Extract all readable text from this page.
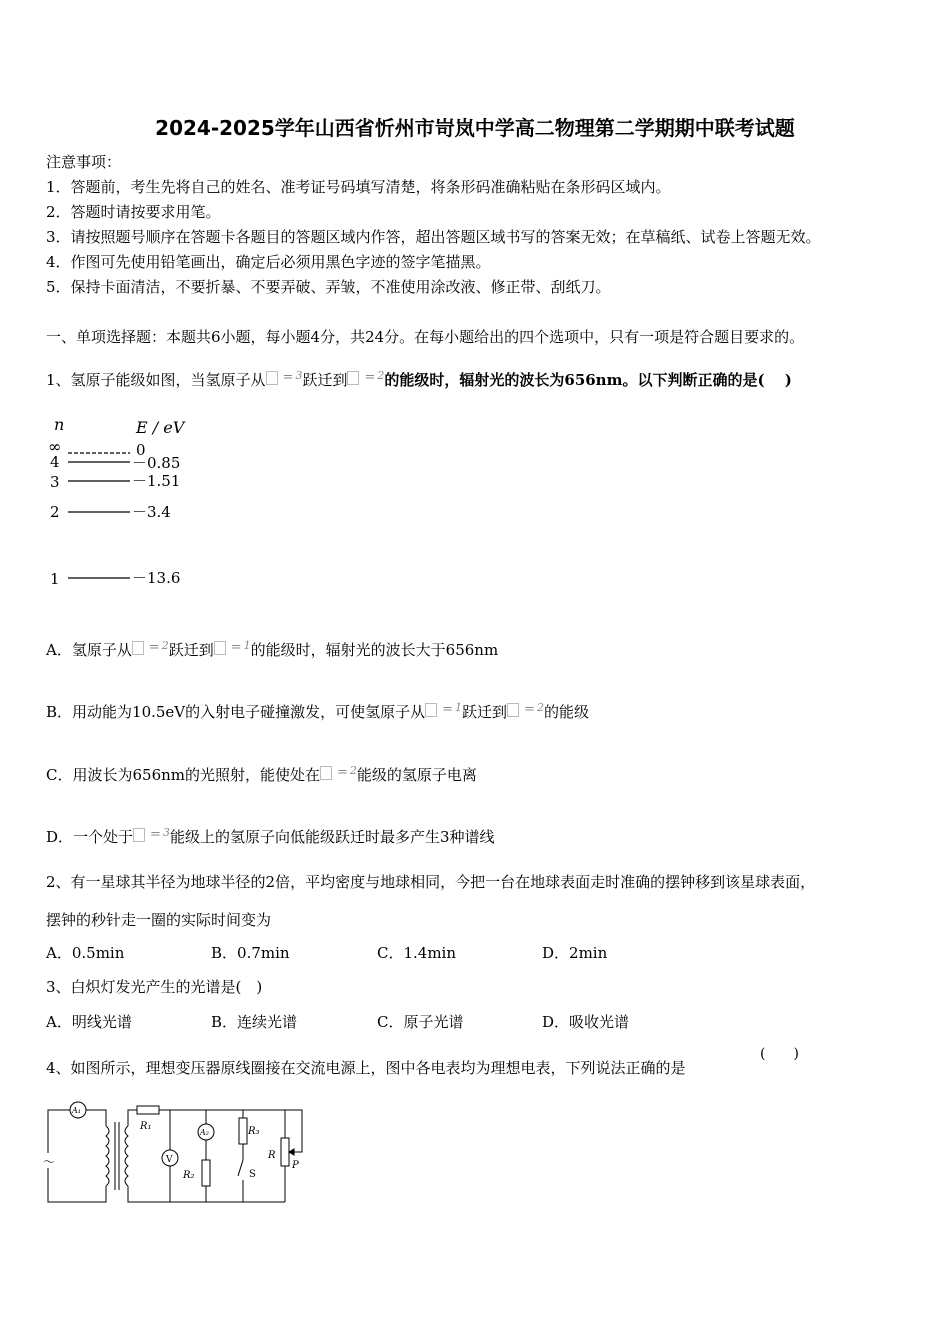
2024-2025学年山西省忻州市岢岚中学高二物理第二学期期中联考试题
注意事项：
1．答题前，考生先将自己的姓名、准考证号码填写清楚，将条形码准确粘贴在条形码区域内。
2．答题时请按要求用笔。
3．请按照题号顺序在答题卡各题目的答题区域内作答，超出答题区域书写的答案无效；在草稿纸、试卷上答题无效。
4．作图可先使用铅笔画出，确定后必须用黑色字迹的签字笔描黑。
5．保持卡面清洁，不要折暴、不要弄破、弄皱，不准使用涂改液、修正带、刮纸刀。
一、单项选择题：本题共6小题，每小题4分，共24分。在每小题给出的四个选项中，只有一项是符合题目要求的。
1、氢原子能级如图，当氢原子从 = $^3$跃迁到 = $^2$的能级时，辐射光的波长为656nm。以下判断正确的是(　 )
n	E / eV
∞	0
4	－0.85
3	－1.51
2	－3.4
1	－13.6
A．氢原子从 = $^2$跃迁到 = $^1$的能级时，辐射光的波长大于656nm
B．用动能为10.5eV的入射电子碰撞激发，可使氢原子从 = $^1$跃迁到 = $^2$的能级
C．用波长为656nm的光照射，能使处在 = $^2$能级的氢原子电离
D．一个处于 = $^3$能级上的氢原子向低能级跃迁时最多产生3种谱线
2、有一星球其半径为地球半径的2倍，平均密度与地球相同，今把一台在地球表面走时准确的摆钟移到该星球表面，
摆钟的秒针走一圈的实际时间变为
A．0.5min	B．0.7min	C．1.4min	D．2min
3、白炽灯发光产生的光谱是(　)
A．明线光谱	B．连续光谱	C．原子光谱	D．吸收光谱
4、如图所示，理想变压器原线圈接在交流电源上，图中各电表均为理想电表，下列说法正确的是
(　　)
A₁
～
R₁
V
A₂
R₂
R₃
S
R
P
